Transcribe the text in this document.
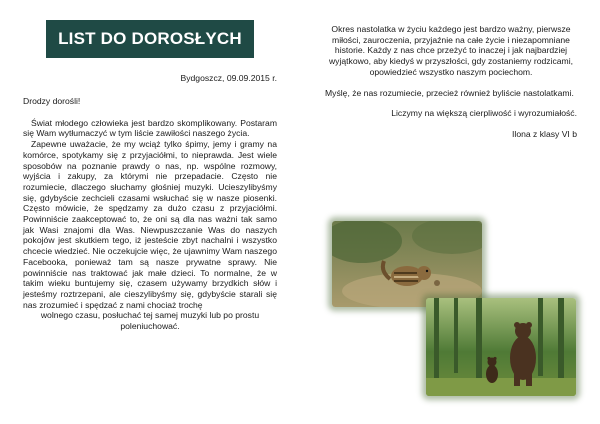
LIST DO DOROSŁYCH
Bydgoszcz, 09.09.2015 r.

Drodzy dorośli!

Świat młodego człowieka jest bardzo skomplikowany. Postaram się Wam wytłumaczyć w tym liście zawiłości naszego życia.

Zapewne uważacie, że my wciąż tylko śpimy, jemy i gramy na komórce, spotykamy się z przyjaciółmi, to nieprawda. Jest wiele sposobów na poznanie prawdy o nas, np. wspólne rozmowy, wyjścia i zakupy, za którymi nie przepadacie. Często nie rozumiecie, dlaczego słuchamy głośniej muzyki. Ucieszylibyśmy się, gdybyście zechcieli czasami wsłuchać się w nasze piosenki. Często mówicie, że spędzamy za dużo czasu z przyjaciółmi. Powinniście zaakceptować to, że oni są dla nas ważni tak samo jak Wasi znajomi dla Was. Niewpuszczanie Was do naszych pokojów jest skutkiem tego, iż jesteście zbyt nachalni i wszystko chcecie wiedzieć. Nie oczekujcie więc, że ujawnimy Wam naszego Facebooka, ponieważ tam są nasze prywatne sprawy. Nie powinniście nas traktować jak małe dzieci. To normalne, że w takim wieku buntujemy się, czasem używamy brzydkich słów i jesteśmy roztrzepani, ale cieszylibyśmy się, gdybyście starali się nas zrozumieć i spędzać z nami chociaż trochę

wolnego czasu, posłuchać tej samej muzyki lub po prostu poleniuchować.

Okres nastolatka w życiu każdego jest bardzo ważny, pierwsze miłości, zauroczenia, przyjaźnie na całe życie i niezapomniane historie. Każdy z nas chce przeżyć to inaczej i jak najbardziej wyjątkowo, aby kiedyś w przyszłości, gdy zostaniemy rodzicami, opowiedzieć wszystko naszym pociechom.

Myślę, że nas rozumiecie, przecież również byliście nastolatkami.

Liczymy na większą cierpliwość i wyrozumiałość.

Ilona z klasy VI b
